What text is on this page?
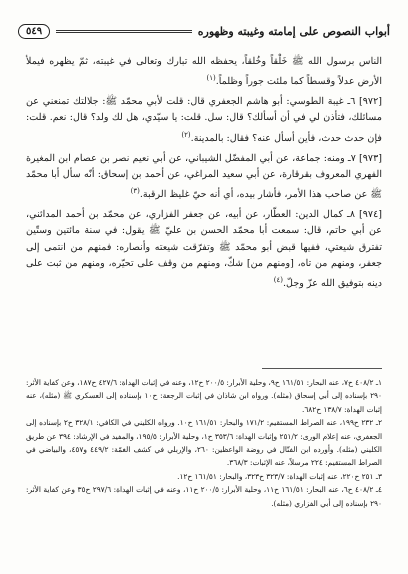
أبواب النصوص على إمامته وغيبته وظهوره
٥٤٩

الناس برسول الله ﷺ خَلْقاً وخُلقاً، يحفظه الله تبارك وتعالى في غيبته، ثمّ يظهره فيملأ الأرض عدلاً وقسطاً كما ملئت جوراً وظلماً.$^{(١)}$

[٩٧٢] ٦ـ غيبة الطوسي: أبو هاشم الجعفري قال: قلت لأبي محمّد ﷺ: جلالتك تمنعني عن مسائلك، فتأذن لي في أن أسألك؟ قال: سل. قلت: يا سيّدي، هل لك ولد؟ قال: نعم. قلت: فإن حدث حدث، فأين أسأل عنه؟ فقال: بالمدينة.$^{(٢)}$

[٩٧٣] ٧ـ ومنه: جماعة، عن أبي المفضّل الشيباني، عن أبي نعيم نصر بن عصام ابن المغيرة الفهري المعروف بقرقارة، عن أبي سعيد المراغي، عن أحمد بن إسحاق: أنّه سأل أبا محمّد ﷺ عن صاحب هذا الأمر، فأشار بيده، أي أنه حيّ غليظ الرقبة.$^{(٣)}$

[٩٧٤] ٨ـ كمال الدين: العطّار، عن أبيه، عن جعفر الفزاري، عن محمّد بن أحمد المدائني، عن أبي حاتم، قال: سمعت أبا محمّد الحسن بن عليّ ﷺ يقول: في سنة مائتين وستّين تفترق شيعتي، ففيها قبض أبو محمّد ﷺ وتفرّقت شيعته وأنصاره: فمنهم من انتمى إلى جعفر، ومنهم من تاه، [ومنهم من] شكّ، ومنهم من وقف على تحيّره، ومنهم من ثبت على دينه بتوفيق الله عزّ وجلّ.$^{(٤)}$

١ـ ٤٠٨/٢ ح٧، عنه البحار: ١٦١/٥١ ح٩، وحلية الأبرار: ٢٠٠/٥ ح١٢، وعنه في إثبات الهداة: ٤٢٧/٦ ح١٨٧، وعن كفاية الأثر: ٢٩٠ بإسناده إلى أبي إسحاق (مثله). ورواه ابن شاذان في إثبات الرجعة: ح١٠ بإسناده إلى العسكري ﷺ (مثله)، عنه إثبات الهداة: ١٣٨/٧ ح٦٨٢.

٢ـ ٢٣٢ ح١٩٩، عنه الصراط المستقيم: ١٧١/٢ والبحار: ١٦١/٥١ ح١٠. ورواه الكليني في الكافي: ٣٢٨/١ ح٢ بإسناده إلى الجعفري، عنه إعلام الورى: ٢٥١/٢ وإثبات الهداة: ٣٥٣/٦ ح١، وحلية الأبرار: ١٩٥/٥، والمفيد في الإرشاد: ٣٩٤ عن طريق الكليني (مثله). وأورده ابن الفتّال في روضة الواعظين: ٢٦٠، والإربلي في كشف الغمّة: ٤٤٩/٢ و٤٥٧، والبياضي في الصراط المستقيم: ٢٢٤ مرسلاً، عنه الإثبات: ٣٦٨/٣.

٣ـ ٢٥١ ح٢٢٠، عنه إثبات الهداة: ٣٢٣/٧ ح٣٢٣، والبحار: ١٦١/٥١ ح١٢.

٤ـ ٤٠٨/٢ ح٦، عنه البحار: ١٦١/٥١ ح١١، وحلية الأبرار: ٢٠٠/٥ ح١١، وعنه في إثبات الهداة: ٢٩٧/٦ ح٣٥ وعن كفاية الأثر: ٢٩٠ بإسناده إلى أبي الفزاري (مثله).
